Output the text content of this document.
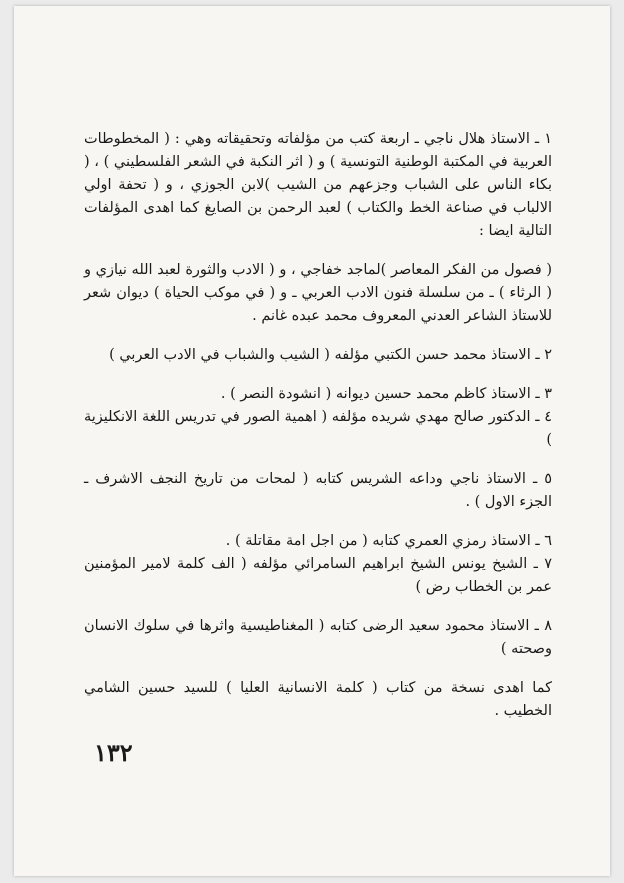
١ ـ الاستاذ هلال ناجي ـ اربعة كتب من مؤلفاته وتحقيقاته وهي : ( المخطوطات العربية في المكتبة الوطنية التونسية ) و ( اثر النكبة في الشعر الفلسطيني ) ، ( بكاء الناس على الشباب وجزعهم من الشيب )لابن الجوزي ، و ( تحفة اولي الالباب في صناعة الخط والكتاب ) لعبد الرحمن بن الصايغ كما اهدى المؤلفات التالية ايضا :

( فصول من الفكر المعاصر )لماجد خفاجي ، و ( الادب والثورة لعبد الله نيازي و ( الرثاء ) ـ من سلسلة فنون الادب العربي ـ و ( في موكب الحياة ) ديوان شعر للاستاذ الشاعر العدني المعروف محمد عبده غانم .

٢ ـ الاستاذ محمد حسن الكتبي مؤلفه ( الشيب والشباب في الادب العربي )

٣ ـ الاستاذ كاظم محمد حسين ديوانه ( انشودة النصر ) .

٤ ـ الدكتور صالح مهدي شريده مؤلفه ( اهمية الصور في تدريس اللغة الانكليزية )

٥ ـ الاستاذ ناجي وداعه الشريس كتابه ( لمحات من تاريخ النجف الاشرف ـ الجزء الاول ) .

٦ ـ الاستاذ رمزي العمري كتابه ( من اجل امة مقاتلة ) .

٧ ـ الشيخ يونس الشيخ ابراهيم السامرائي مؤلفه ( الف كلمة لامير المؤمنين عمر بن الخطاب رض )

٨ ـ الاستاذ محمود سعيد الرضى كتابه ( المغناطيسية واثرها في سلوك الانسان وصحته )

كما اهدى نسخة من كتاب ( كلمة الانسانية العليا ) للسيد حسين الشامي الخطيب .

١٣٢
